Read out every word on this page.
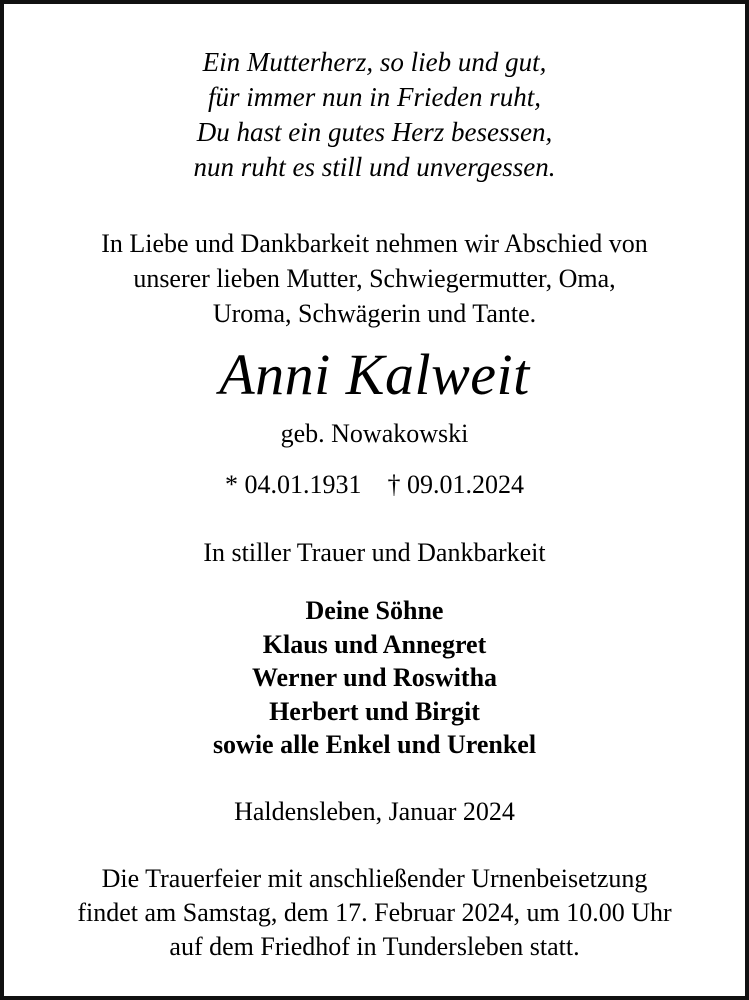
Ein Mutterherz, so lieb und gut,
für immer nun in Frieden ruht,
Du hast ein gutes Herz besessen,
nun ruht es still und unvergessen.
In Liebe und Dankbarkeit nehmen wir Abschied von
unserer lieben Mutter, Schwiegermutter, Oma,
Uroma, Schwägerin und Tante.
Anni Kalweit
geb. Nowakowski
* 04.01.1931 † 09.01.2024
In stiller Trauer und Dankbarkeit
Deine Söhne
Klaus und Annegret
Werner und Roswitha
Herbert und Birgit
sowie alle Enkel und Urenkel
Haldensleben, Januar 2024
Die Trauerfeier mit anschließender Urnenbeisetzung
findet am Samstag, dem 17. Februar 2024, um 10.00 Uhr
auf dem Friedhof in Tundersleben statt.
